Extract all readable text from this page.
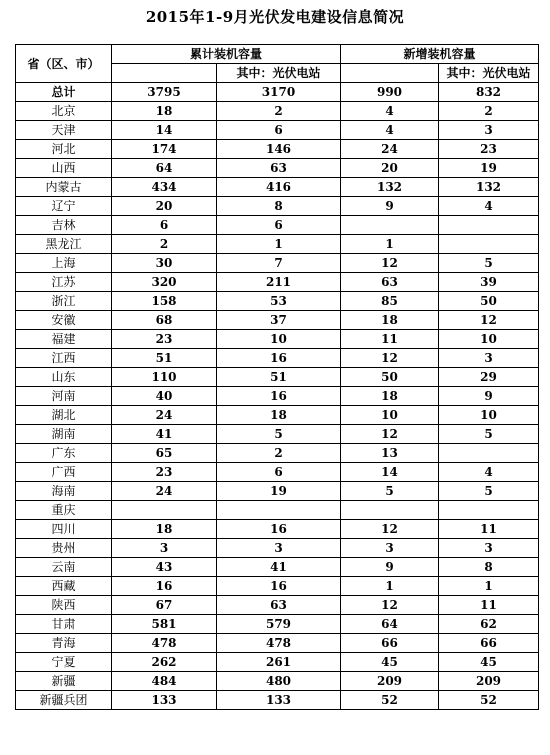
2015年1-9月光伏发电建设信息简况
省（区、市）	累计装机容量		新增装机容量	
		其中：光伏电站		其中：光伏电站
总计	3795	3170	990	832
北京	18	2	4	2
天津	14	6	4	3
河北	174	146	24	23
山西	64	63	20	19
内蒙古	434	416	132	132
辽宁	20	8	9	4
吉林	6	6		
黑龙江	2	1	1	
上海	30	7	12	5
江苏	320	211	63	39
浙江	158	53	85	50
安徽	68	37	18	12
福建	23	10	11	10
江西	51	16	12	3
山东	110	51	50	29
河南	40	16	18	9
湖北	24	18	10	10
湖南	41	5	12	5
广东	65	2	13	
广西	23	6	14	4
海南	24	19	5	5
重庆				
四川	18	16	12	11
贵州	3	3	3	3
云南	43	41	9	8
西藏	16	16	1	1
陕西	67	63	12	11
甘肃	581	579	64	62
青海	478	478	66	66
宁夏	262	261	45	45
新疆	484	480	209	209
新疆兵团	133	133	52	52
